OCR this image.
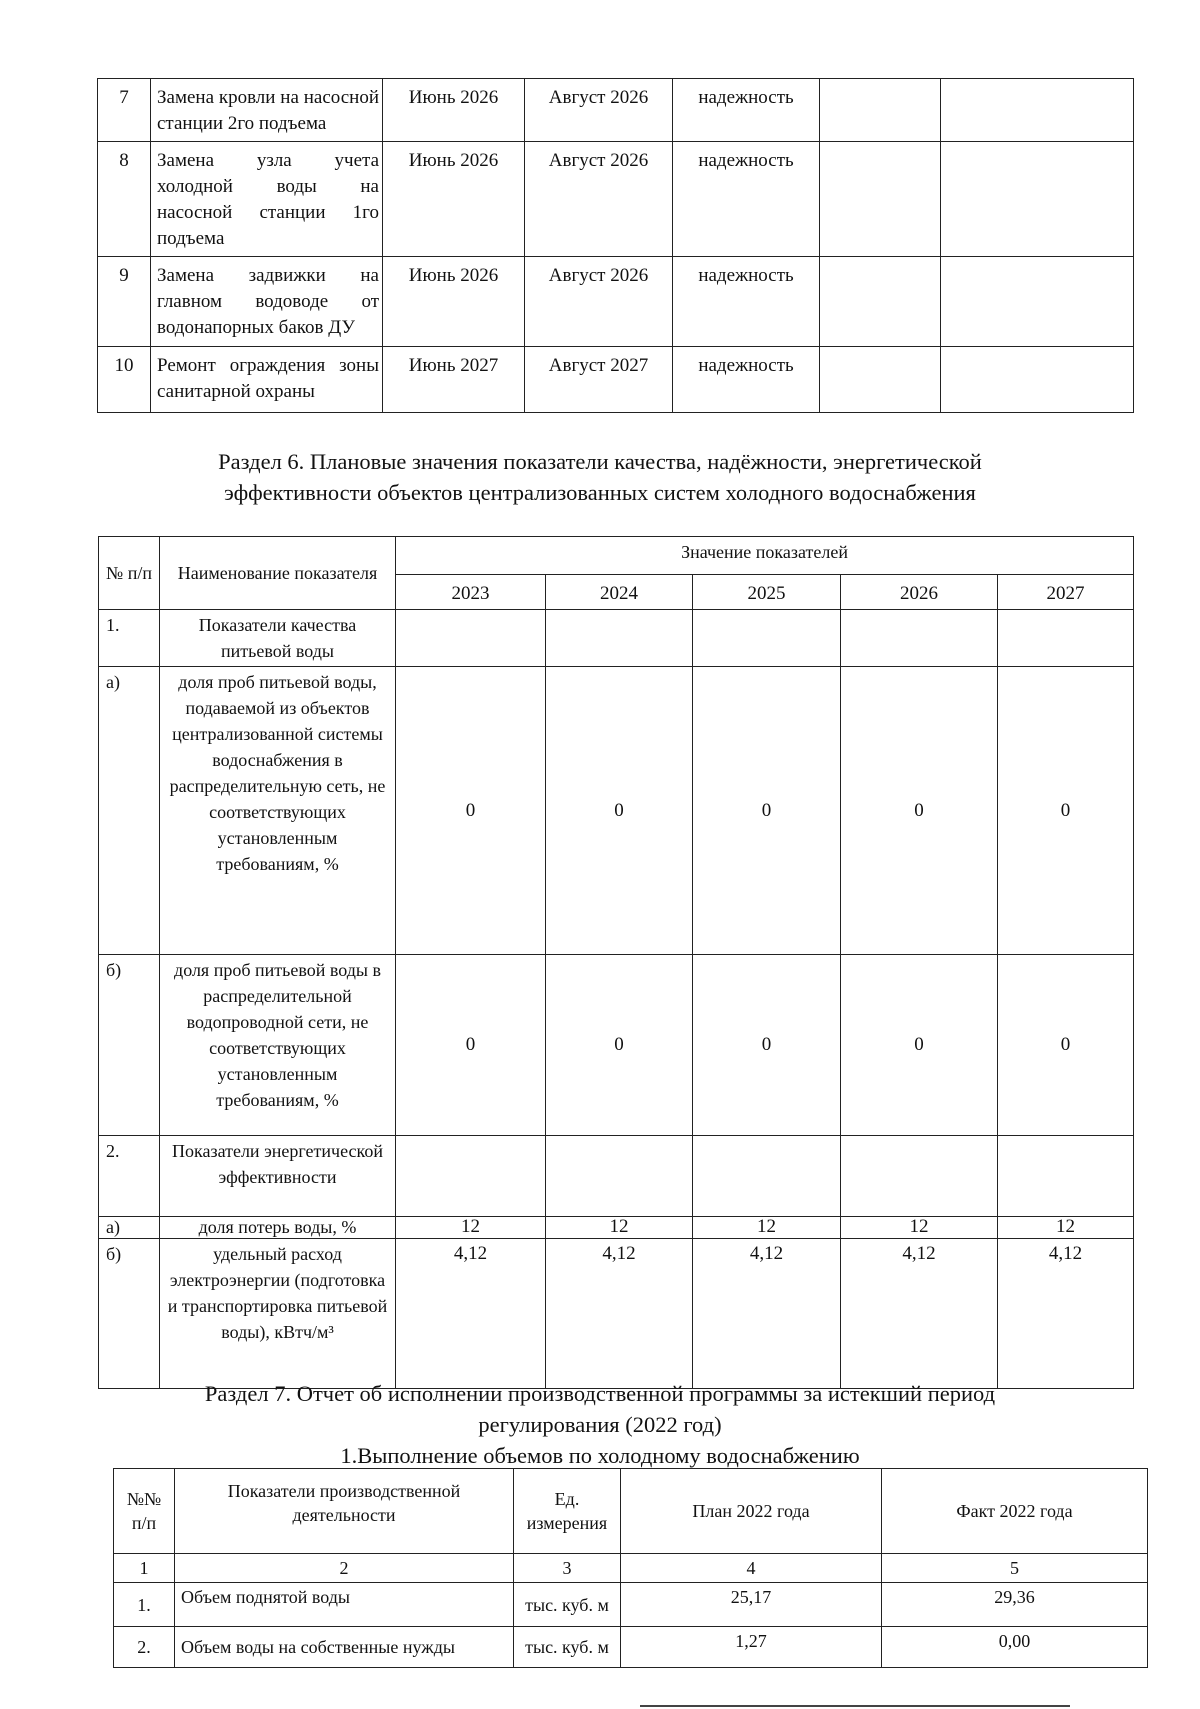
7	Замена кровли на насосной станции 2го подъема	Июнь 2026	Август 2026	надежность		
8	Замена узла учета холодной воды на насосной станции 1го подъема	Июнь 2026	Август 2026	надежность		
9	Замена задвижки на главном водоводе от водонапорных баков ДУ	Июнь 2026	Август 2026	надежность		
10	Ремонт ограждения зоны санитарной охраны	Июнь 2027	Август 2027	надежность		
Раздел 6. Плановые значения показатели качества, надёжности, энергетической
эффективности объектов централизованных систем холодного водоснабжения
№ п/п	Наименование показателя	Значение показателей				
		2023	2024	2025	2026	2027
1.	Показатели качества питьевой воды					
а)	доля проб питьевой воды, подаваемой из объектов централизованной системы водоснабжения в распределительную сеть, не соответствующих установленным требованиям, %	0	0	0	0	0
б)	доля проб питьевой воды в распределительной водопроводной сети, не соответствующих установленным требованиям, %	0	0	0	0	0
2.	Показатели энергетической эффективности					
а)	доля потерь воды, %	12	12	12	12	12
б)	удельный расход электроэнергии (подготовка и транспортировка питьевой воды), кВтч/м³	4,12	4,12	4,12	4,12	4,12
Раздел 7. Отчет об исполнении производственной программы за истекший период
регулирования (2022 год)
1.Выполнение объемов по холодному водоснабжению
№№ п/п	Показатели производственной деятельности	Ед. измерения	План 2022 года	Факт 2022 года
1	2	3	4	5
1.	Объем поднятой воды	тыс. куб. м	25,17	29,36
2.	Объем воды на собственные нужды	тыс. куб. м	1,27	0,00
